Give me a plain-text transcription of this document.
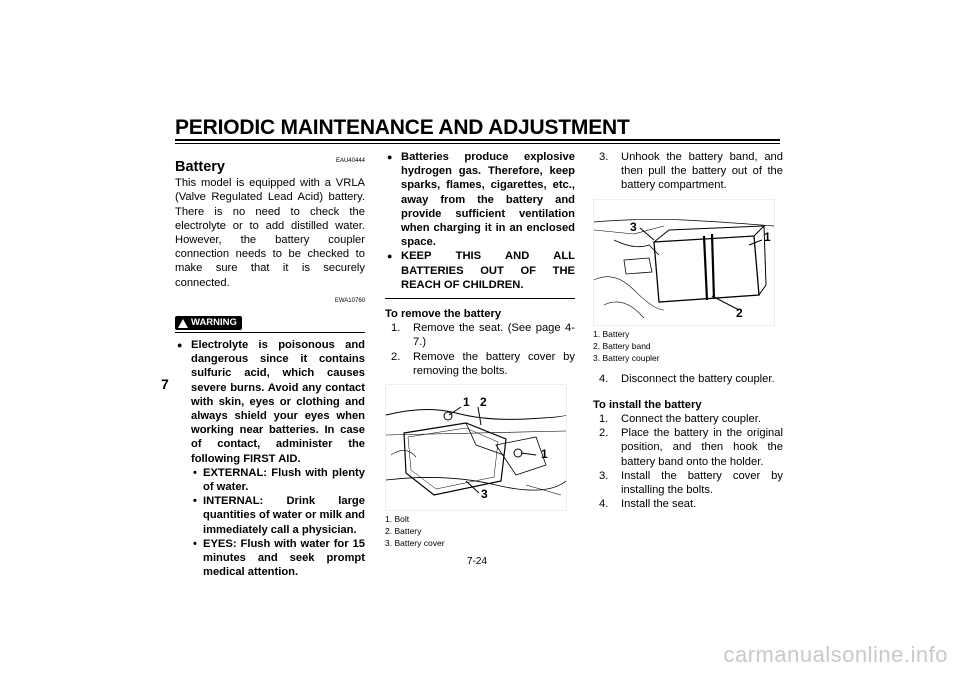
PERIODIC MAINTENANCE AND ADJUSTMENT
7
EAU40444
Battery

This model is equipped with a VRLA (Valve Regulated Lead Acid) battery. There is no need to check the electrolyte or to add distilled water. However, the battery coupler connection needs to be checked to make sure that it is securely connected.

EWA10760
WARNING
● Electrolyte is poisonous and dangerous since it contains sulfuric acid, which causes severe burns. Avoid any contact with skin, eyes or clothing and always shield your eyes when working near batteries. In case of contact, administer the following FIRST AID.
• EXTERNAL: Flush with plenty of water.
• INTERNAL: Drink large quantities of water or milk and immediately call a physician.
• EYES: Flush with water for 15 minutes and seek prompt medical attention.
● Batteries produce explosive hydrogen gas. Therefore, keep sparks, flames, cigarettes, etc., away from the battery and provide sufficient ventilation when charging it in an enclosed space.
● KEEP THIS AND ALL BATTERIES OUT OF THE REACH OF CHILDREN.

To remove the battery

1. Remove the seat. (See page 4-7.)
2. Remove the battery cover by removing the bolts.
1 2
1
3
1. Bolt
2. Battery
3. Battery cover
3. Unhook the battery band, and then pull the battery out of the battery compartment.
3
1
2
1. Battery
2. Battery band
3. Battery coupler
4. Disconnect the battery coupler.

To install the battery

1. Connect the battery coupler.
2. Place the battery in the original position, and then hook the battery band onto the holder.
3. Install the battery cover by installing the bolts.
4. Install the seat.
7-24
carmanualsonline.info
